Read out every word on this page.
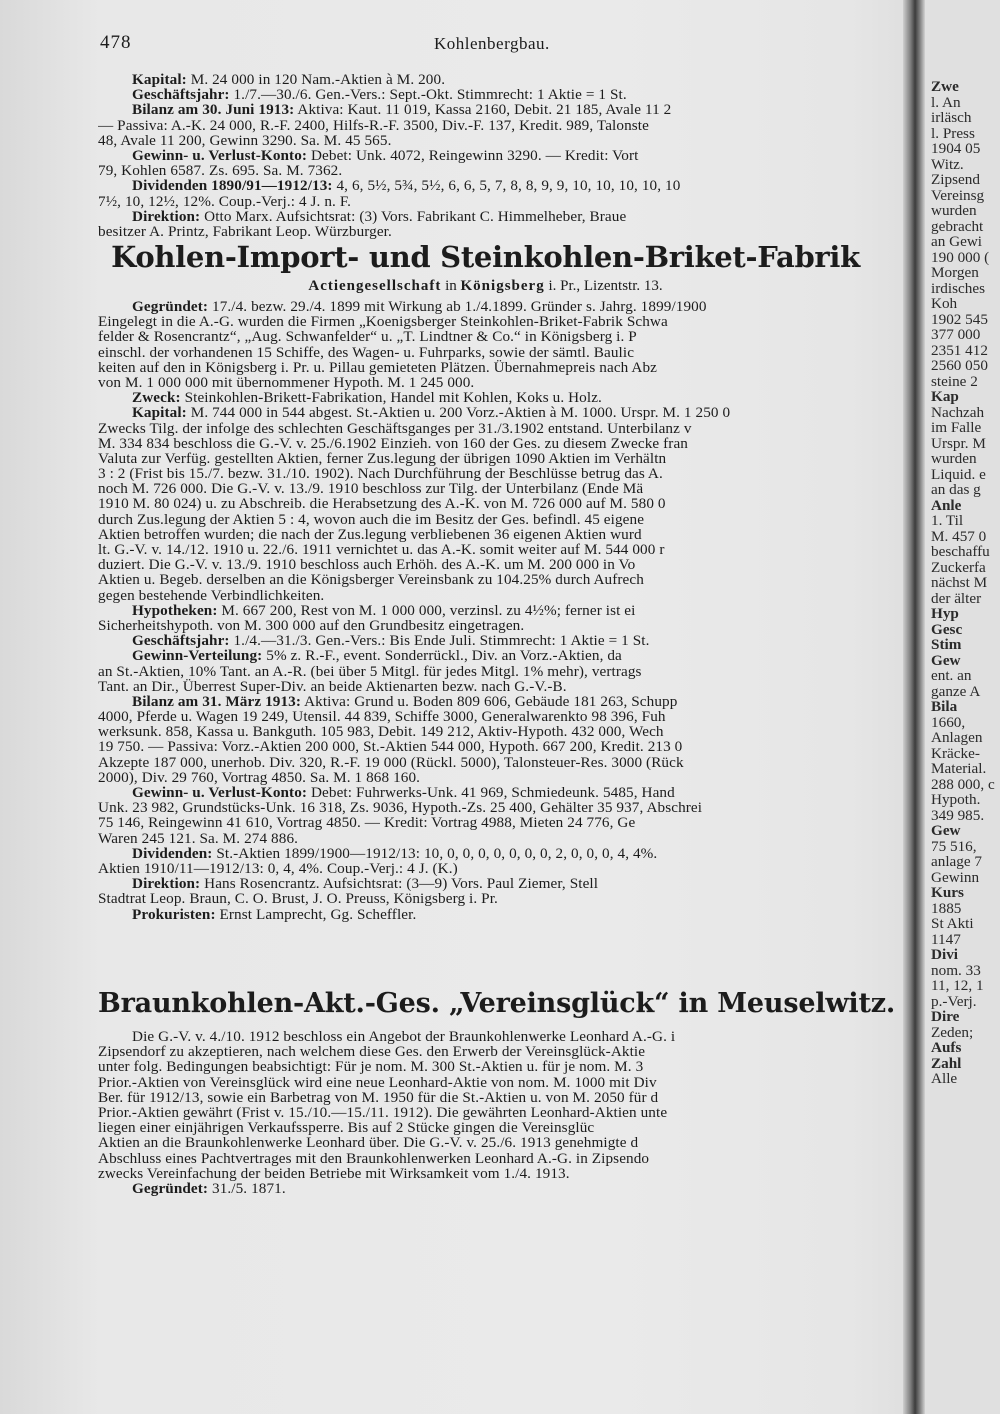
478	Kohlenbergbau.
Kapital: M. 24 000 in 120 Nam.-Aktien à M. 200.
Geschäftsjahr: 1./7.—30./6. Gen.-Vers.: Sept.-Okt. Stimmrecht: 1 Aktie = 1 St.
Bilanz am 30. Juni 1913: Aktiva: Kaut. 11 019, Kassa 2160, Debit. 21 185, Avale 11 2
— Passiva: A.-K. 24 000, R.-F. 2400, Hilfs-R.-F. 3500, Div.-F. 137, Kredit. 989, Talonste
48, Avale 11 200, Gewinn 3290. Sa. M. 45 565.
Gewinn- u. Verlust-Konto: Debet: Unk. 4072, Reingewinn 3290. — Kredit: Vort
79, Kohlen 6587. Zs. 695. Sa. M. 7362.
Dividenden 1890/91—1912/13: 4, 6, 5½, 5¾, 5½, 6, 6, 5, 7, 8, 8, 9, 9, 10, 10, 10, 10, 10
7½, 10, 12½, 12%. Coup.-Verj.: 4 J. n. F.
Direktion: Otto Marx. Aufsichtsrat: (3) Vors. Fabrikant C. Himmelheber, Braue
besitzer A. Printz, Fabrikant Leop. Würzburger.
Kohlen-Import- und Steinkohlen-Briket-Fabrik
Actiengesellschaft in Königsberg i. Pr., Lizentstr. 13.
Gegründet: 17./4. bezw. 29./4. 1899 mit Wirkung ab 1./4.1899. Gründer s. Jahrg. 1899/1900
Eingelegt in die A.-G. wurden die Firmen „Koenigsberger Steinkohlen-Briket-Fabrik Schwa
felder & Rosencrantz“, „Aug. Schwanfelder“ u. „T. Lindtner & Co.“ in Königsberg i. P
einschl. der vorhandenen 15 Schiffe, des Wagen- u. Fuhrparks, sowie der sämtl. Baulic
keiten auf den in Königsberg i. Pr. u. Pillau gemieteten Plätzen. Übernahmepreis nach Abz
von M. 1 000 000 mit übernommener Hypoth. M. 1 245 000.
Zweck: Steinkohlen-Brikett-Fabrikation, Handel mit Kohlen, Koks u. Holz.
Kapital: M. 744 000 in 544 abgest. St.-Aktien u. 200 Vorz.-Aktien à M. 1000. Urspr. M. 1 250 0
Zwecks Tilg. der infolge des schlechten Geschäftsganges per 31./3.1902 entstand. Unterbilanz v
M. 334 834 beschloss die G.-V. v. 25./6.1902 Einzieh. von 160 der Ges. zu diesem Zwecke fran
Valuta zur Verfüg. gestellten Aktien, ferner Zus.legung der übrigen 1090 Aktien im Verhältn
3 : 2 (Frist bis 15./7. bezw. 31./10. 1902). Nach Durchführung der Beschlüsse betrug das A.
noch M. 726 000. Die G.-V. v. 13./9. 1910 beschloss zur Tilg. der Unterbilanz (Ende Mä
1910 M. 80 024) u. zu Abschreib. die Herabsetzung des A.-K. von M. 726 000 auf M. 580 0
durch Zus.legung der Aktien 5 : 4, wovon auch die im Besitz der Ges. befindl. 45 eigene
Aktien betroffen wurden; die nach der Zus.legung verbliebenen 36 eigenen Aktien wurd
lt. G.-V. v. 14./12. 1910 u. 22./6. 1911 vernichtet u. das A.-K. somit weiter auf M. 544 000 r
duziert. Die G.-V. v. 13./9. 1910 beschloss auch Erhöh. des A.-K. um M. 200 000 in Vo
Aktien u. Begeb. derselben an die Königsberger Vereinsbank zu 104.25% durch Aufrech
gegen bestehende Verbindlichkeiten.
Hypotheken: M. 667 200, Rest von M. 1 000 000, verzinsl. zu 4½%; ferner ist ei
Sicherheitshypoth. von M. 300 000 auf den Grundbesitz eingetragen.
Geschäftsjahr: 1./4.—31./3. Gen.-Vers.: Bis Ende Juli. Stimmrecht: 1 Aktie = 1 St.
Gewinn-Verteilung: 5% z. R.-F., event. Sonderrückl., Div. an Vorz.-Aktien, da
an St.-Aktien, 10% Tant. an A.-R. (bei über 5 Mitgl. für jedes Mitgl. 1% mehr), vertrags
Tant. an Dir., Überrest Super-Div. an beide Aktienarten bezw. nach G.-V.-B.
Bilanz am 31. März 1913: Aktiva: Grund u. Boden 809 606, Gebäude 181 263, Schupp
4000, Pferde u. Wagen 19 249, Utensil. 44 839, Schiffe 3000, Generalwarenkto 98 396, Fuh
werksunk. 858, Kassa u. Bankguth. 105 983, Debit. 149 212, Aktiv-Hypoth. 432 000, Wech
19 750. — Passiva: Vorz.-Aktien 200 000, St.-Aktien 544 000, Hypoth. 667 200, Kredit. 213 0
Akzepte 187 000, unerhob. Div. 320, R.-F. 19 000 (Rückl. 5000), Talonsteuer-Res. 3000 (Rück
2000), Div. 29 760, Vortrag 4850. Sa. M. 1 868 160.
Gewinn- u. Verlust-Konto: Debet: Fuhrwerks-Unk. 41 969, Schmiedeunk. 5485, Hand
Unk. 23 982, Grundstücks-Unk. 16 318, Zs. 9036, Hypoth.-Zs. 25 400, Gehälter 35 937, Abschrei
75 146, Reingewinn 41 610, Vortrag 4850. — Kredit: Vortrag 4988, Mieten 24 776, Ge
Waren 245 121. Sa. M. 274 886.
Dividenden: St.-Aktien 1899/1900—1912/13: 10, 0, 0, 0, 0, 0, 0, 0, 2, 0, 0, 0, 4, 4%.
Aktien 1910/11—1912/13: 0, 4, 4%. Coup.-Verj.: 4 J. (K.)
Direktion: Hans Rosencrantz. Aufsichtsrat: (3—9) Vors. Paul Ziemer, Stell
Stadtrat Leop. Braun, C. O. Brust, J. O. Preuss, Königsberg i. Pr.
Prokuristen: Ernst Lamprecht, Gg. Scheffler.
Braunkohlen-Akt.-Ges. „Vereinsglück“ in Meuselwitz.
Die G.-V. v. 4./10. 1912 beschloss ein Angebot der Braunkohlenwerke Leonhard A.-G. i
Zipsendorf zu akzeptieren, nach welchem diese Ges. den Erwerb der Vereinsglück-Aktie
unter folg. Bedingungen beabsichtigt: Für je nom. M. 300 St.-Aktien u. für je nom. M. 3
Prior.-Aktien von Vereinsglück wird eine neue Leonhard-Aktie von nom. M. 1000 mit Div
Ber. für 1912/13, sowie ein Barbetrag von M. 1950 für die St.-Aktien u. von M. 2050 für d
Prior.-Aktien gewährt (Frist v. 15./10.—15./11. 1912). Die gewährten Leonhard-Aktien unte
liegen einer einjährigen Verkaufssperre. Bis auf 2 Stücke gingen die Vereinsglüc
Aktien an die Braunkohlenwerke Leonhard über. Die G.-V. v. 25./6. 1913 genehmigte d
Abschluss eines Pachtvertrages mit den Braunkohlenwerken Leonhard A.-G. in Zipsendo
zwecks Vereinfachung der beiden Betriebe mit Wirksamkeit vom 1./4. 1913.
Gegründet: 31./5. 1871.
Zwe
l. An
irläsch
l. Press
1904 05
Witz.
Zipsend
Vereinsg
wurden
gebracht
an Gewi
190 000 (
Morgen
irdisches
Koh
1902 545
377 000
2351 412
2560 050
steine 2
Kap
Nachzah
im Falle
Urspr. M
wurden
Liquid. e
an das g
Anle
1. Til
M. 457 0
beschaffu
Zuckerfa
nächst M
der älter
Hyp
Gesc
Stim
Gew
ent. an
ganze A
Bila
1660,
Anlagen
Kräcke-
Material.
288 000, c
Hypoth.
349 985.
Gew
75 516,
anlage 7
Gewinn
Kurs
1885
St Akti
1147
Divi
nom. 33
11, 12, 1
p.-Verj.
Dire
Zeden;
Aufs
Zahl
Alle
